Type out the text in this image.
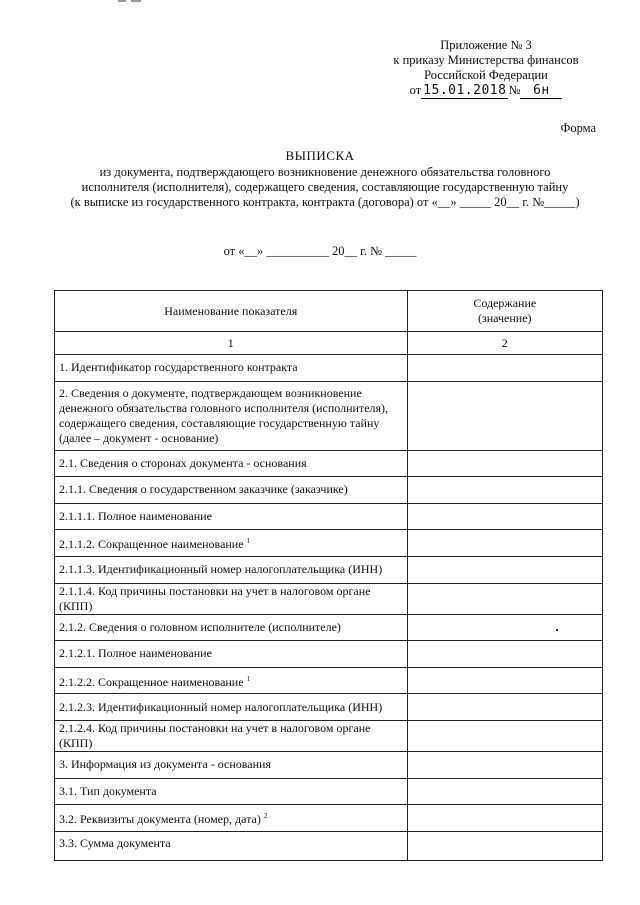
Приложение № 3
к приказу Министерства финансов
Российской Федерации
от 15.01.2018 № 6н
Форма
ВЫПИСКА
из документа, подтверждающего возникновение денежного обязательства головного
исполнителя (исполнителя), содержащего сведения, составляющие государственную тайну
(к выписке из государственного контракта, контракта (договора) от «__» _____ 20__ г. №_____)
от «__» __________ 20__ г. № _____
Наименование показателя	Содержание
(значение)

1	2
1. Идентификатор государственного контракта	
2. Сведения о документе, подтверждающем возникновение денежного обязательства головного исполнителя (исполнителя), содержащего сведения, составляющие государственную тайну (далее – документ - основание)	
2.1. Сведения о сторонах документа - основания	
2.1.1. Сведения о государственном заказчике (заказчике)	
2.1.1.1. Полное наименование	
2.1.1.2. Сокращенное наименование $^1$	
2.1.1.3. Идентификационный номер налогоплательщика (ИНН)	
2.1.1.4. Код причины постановки на учет в налоговом органе (КПП)	
2.1.2. Сведения о головном исполнителе (исполнителе)	
2.1.2.1. Полное наименование	
2.1.2.2. Сокращенное наименование $^1$	
2.1.2.3. Идентификационный номер налогоплательщика (ИНН)	
2.1.2.4. Код причины постановки на учет в налоговом органе (КПП)	
3. Информация из документа - основания	
3.1. Тип документа	
3.2. Реквизиты документа (номер, дата) $^2$	
3.3. Сумма документа	
